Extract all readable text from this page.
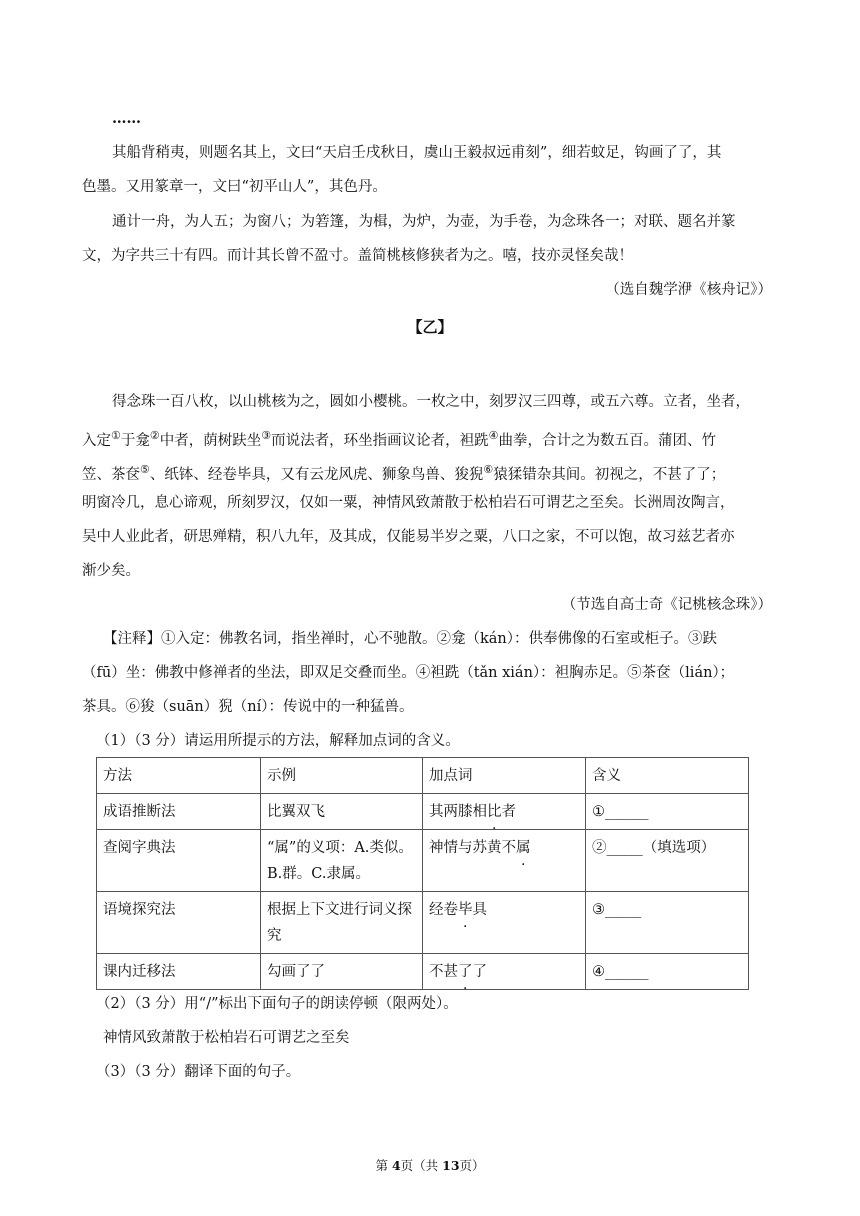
……
其船背稍夷，则题名其上，文曰“天启壬戌秋日，虞山王毅叔远甫刻”，细若蚊足，钩画了了，其
色墨。又用篆章一，文曰“初平山人”，其色丹。
通计一舟，为人五；为窗八；为箬篷，为楫，为炉，为壶，为手卷，为念珠各一；对联、题名并篆
文，为字共三十有四。而计其长曾不盈寸。盖简桃核修狭者为之。嘻，技亦灵怪矣哉！
（选自魏学洢《核舟记》）
【乙】
得念珠一百八枚，以山桃核为之，圆如小樱桃。一枚之中，刻罗汉三四尊，或五六尊。立者，坐者，
入定①于龛②中者，荫树趺坐③而说法者，环坐指画议论者，袒跣④曲拳，合计之为数五百。蒲团、竹
笠、茶奁⑤、纸钵、经卷毕具，又有云龙风虎、狮象鸟兽、狻猊⑥猿猱错杂其间。初视之，不甚了了；
明窗冷几，息心谛观，所刻罗汉，仅如一粟，神情风致萧散于松柏岩石可谓艺之至矣。长洲周汝陶言，
吴中人业此者，研思殚精，积八九年，及其成，仅能易半岁之粟，八口之家，不可以饱，故习兹艺者亦
渐少矣。
（节选自高士奇《记桃核念珠》）
【注释】①入定：佛教名词，指坐禅时，心不驰散。②龛（kán）：供奉佛像的石室或柜子。③趺
（fū）坐：佛教中修禅者的坐法，即双足交叠而坐。④袒跣（tǎn xián）：袒胸赤足。⑤茶奁（lián）；
茶具。⑥狻（suān）猊（ní）：传说中的一种猛兽。
（1）（3 分）请运用所提示的方法，解释加点词的含义。
方法	示例	加点词	含义
成语推断法	比翼双飞	其两膝相比者	①______
查阅字典法	“属”的义项：A.类似。B.群。C.隶属。	神情与苏黄不属	②_____（填选项）
语境探究法	根据上下文进行词义探究	经卷毕具	③_____
课内迁移法	勾画了了	不甚了了	④______
（2）（3 分）用“/”标出下面句子的朗读停顿（限两处）。
神情风致萧散于松柏岩石可谓艺之至矣
（3）（3 分）翻译下面的句子。
第 4页（共 13页）
